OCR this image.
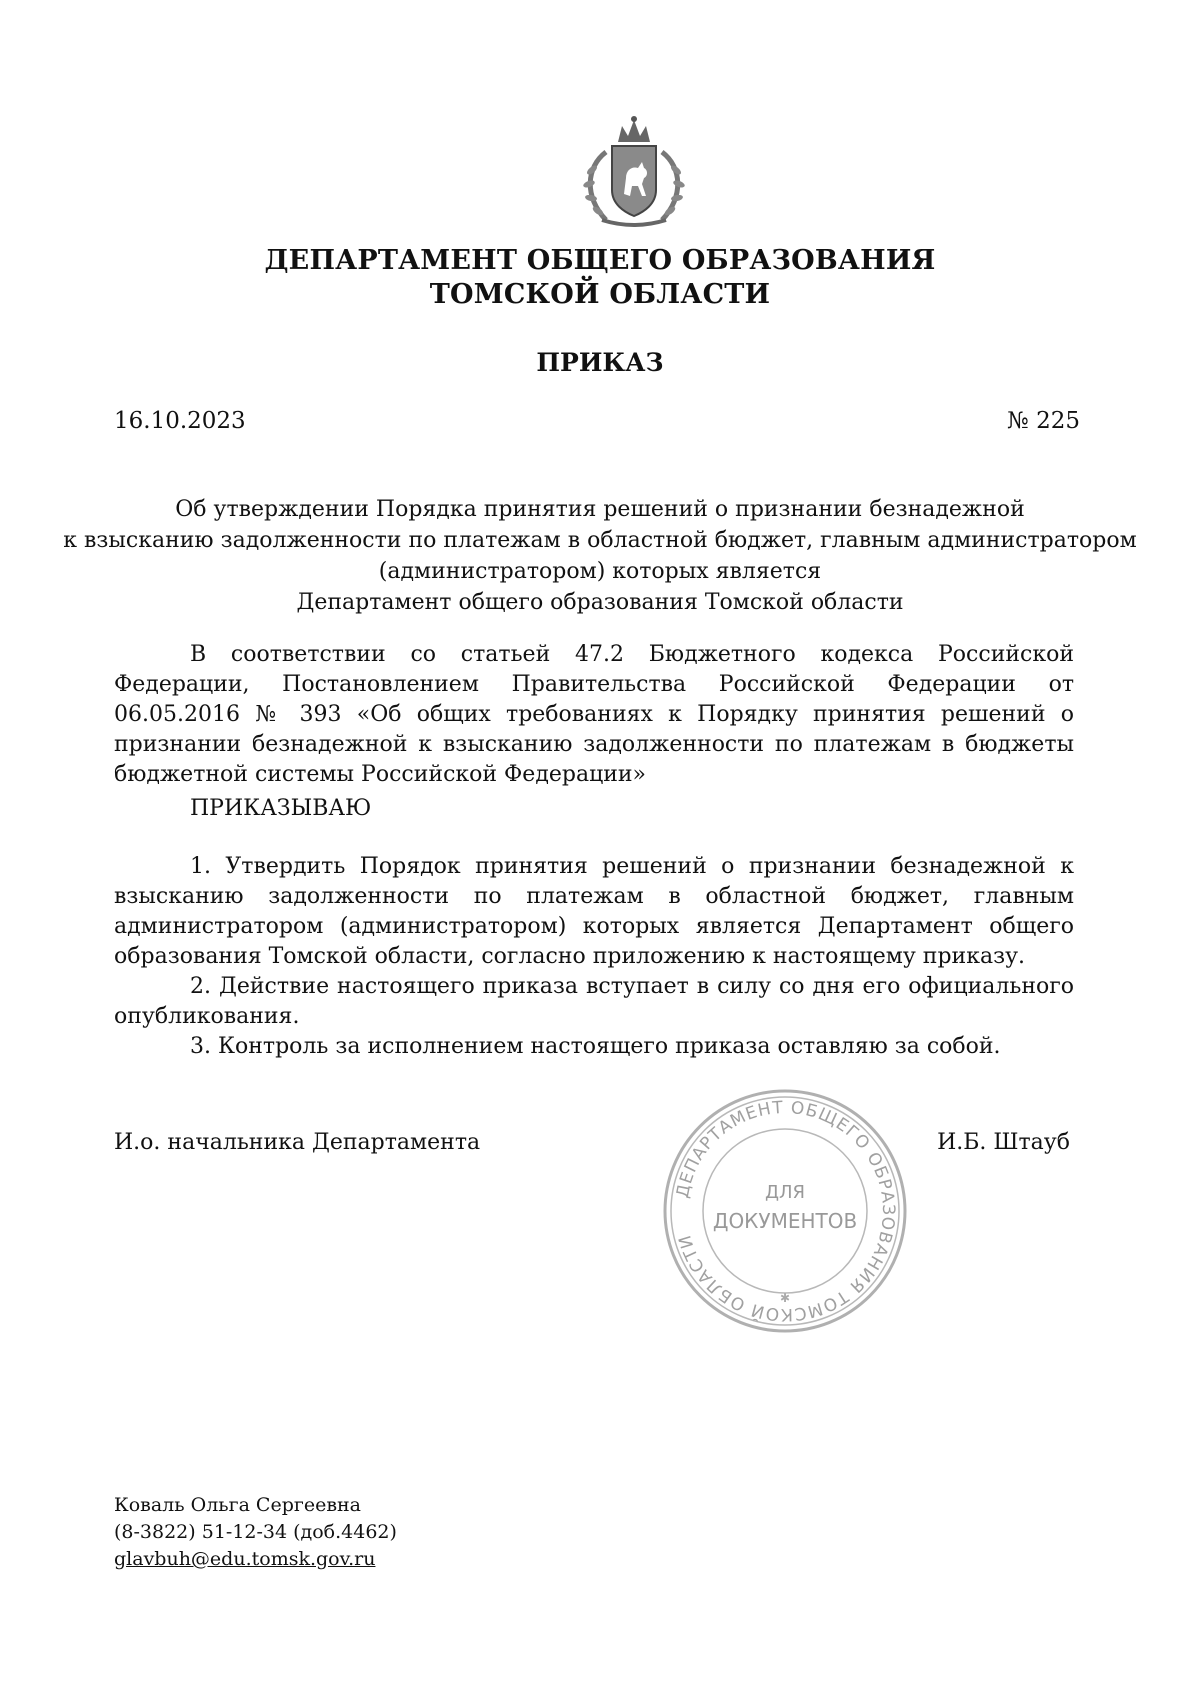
ДЕПАРТАМЕНТ ОБЩЕГО ОБРАЗОВАНИЯ
ТОМСКОЙ ОБЛАСТИ
ПРИКАЗ
16.10.2023	№ 225
Об утверждении Порядка принятия решений о признании безнадежной
к взысканию задолженности по платежам в областной бюджет, главным администратором
(администратором) которых является
Департамент общего образования Томской области
В соответствии со статьей 47.2 Бюджетного кодекса Российской Федерации, Постановлением Правительства Российской Федерации от 06.05.2016 № 393 «Об общих требованиях к Порядку принятия решений о признании безнадежной к взысканию задолженности по платежам в бюджеты бюджетной системы Российской Федерации»
ПРИКАЗЫВАЮ
1. Утвердить Порядок принятия решений о признании безнадежной к взысканию задолженности по платежам в областной бюджет, главным администратором (администратором) которых является Департамент общего образования Томской области, согласно приложению к настоящему приказу.
2. Действие настоящего приказа вступает в силу со дня его официального опубликования.
3. Контроль за исполнением настоящего приказа оставляю за собой.
И.о. начальника Департамента	И.Б. Штауб
ДЕПАРТАМЕНТ ОБЩЕГО ОБРАЗОВАНИЯ ТОМСКОЙ ОБЛАСТИ
ДЛЯ
ДОКУМЕНТОВ
✱
Коваль Ольга Сергеевна
(8-3822) 51-12-34 (доб.4462)
glavbuh@edu.tomsk.gov.ru
